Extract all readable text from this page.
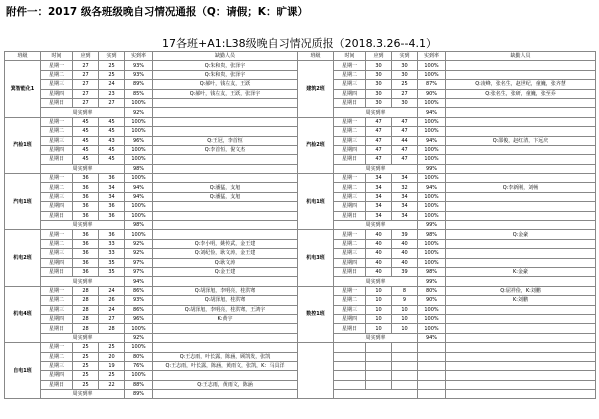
附件一：2017 级各班级晚自习情况通报（Q：请假；K：旷课）
17各班+A1:L38级晚自习情况质报（2018.3.26--4.1）
班级	时间	应到	实到	实到率	缺勤人员	班级	时间	应到	实到	实到率	缺勤人员
箕智能化1	星期一	27	25	93%	Q:朱和贵，张泽宇	建筑2班	星期一	30	30	100%	
	星期二	27	25	93%	Q:朱和贵，张泽宇		星期二	30	30	100%	
	星期三	27	24	89%	Q:郝叶，钱左友，王跃		星期三	30	25	87%	Q:凌峰，张名生，赵世纪，童巍，张齐慧
	星期四	27	23	85%	Q:郝叶，钱左友，王跃，张泽宇		星期四	30	27	90%	Q:张名生，张研，童巍，张至乔
	星期日	27	27	100%			星期日	30	30	100%	
	周实到率			92%			周实到率			94%	
汽检1班	星期一	45	45	100%		汽检2班	星期一	47	47	100%	
	星期二	45	45	100%			星期二	47	47	100%	
	星期三	45	43	96%	Q:王冠，李首恒		星期三	47	44	94%	Q:邵俊，赵红清，卞远庆
	星期四	45	45	100%	Q:李首恒，倪文杰		星期四	47	47	100%	
	星期日	45	45	100%			星期日	47	47	100%	
	周实到率			98%			周实到率			99%	
汽电1班	星期一	36	36	100%		机电1班	星期一	34	34	100%	
	星期二	36	34	94%	Q:潘猛，支旭		星期二	34	32	94%	Q:李新刚，刘畅
	星期三	36	34	94%	Q:潘猛，支旭		星期三	34	34	100%	
	星期四	36	36	100%			星期四	34	34	100%	
	星期日	36	36	100%			星期日	34	34	100%	
	周实到率			98%			周实到率			99%	
机电2班	星期一	36	36	100%		机电3班	星期一	40	39	98%	Q:金豪
	星期二	36	33	92%	Q:李小明，姚传武，金王建		星期二	40	40	100%	
	星期三	36	33	92%	Q:刘纪俭，耿文涛，金王建		星期三	40	40	100%	
	星期四	36	35	97%	Q:耿文涛		星期四	40	40	100%	
	星期日	36	35	97%	Q:金王建		星期日	40	39	98%	K:金豪
	周实到率			94%			周实到率			99%	
机电4班	星期一	28	24	86%	Q:胡泽旭，李明亮，桂洪骞	数控1班	星期一	10	8	80%	Q:屈祥俭，K:刘鹏
	星期二	28	26	93%	Q:胡泽旭，桂洪骞		星期二	10	9	90%	K:刘鹏
	星期三	28	24	86%	Q:胡泽旭，李明亮，桂洪骞，王鸿宇		星期三	10	10	100%	
	星期四	28	27	96%	K:黄宇		星期四	10	10	100%	
	星期日	28	28	100%			星期日	10	10	100%	
	周实到率			92%			周实到率			94%	
自电1班	星期一	25	25	100%							
	星期二	25	20	80%	Q:王志雨，叶长露，陈涵，顾凯发，张凯						
	星期三	25	19	76%	Q:王志雨，叶长露，陈涵，黄雨文，张凯，K：马具洋						
	星期四	25	25	100%							
	星期日	25	22	88%	Q:王志雨，黄雨文，陈涵						
	周实到率			89%							
